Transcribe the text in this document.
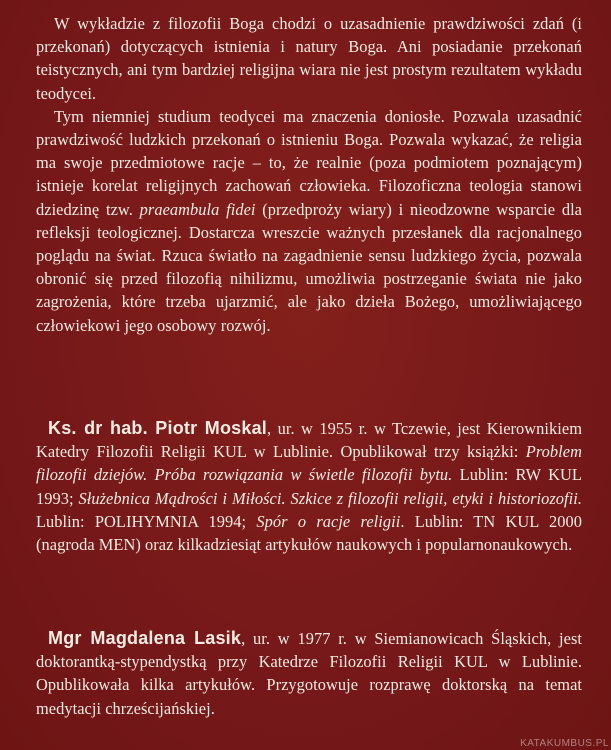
W wykładzie z filozofii Boga chodzi o uzasadnienie prawdziwości zdań (i przekonań) dotyczących istnienia i natury Boga. Ani posiadanie przekonań teistycznych, ani tym bardziej religijna wiara nie jest prostym rezultatem wykładu teodycei.

Tym niemniej studium teodycei ma znaczenia doniosłe. Pozwala uzasadnić prawdziwość ludzkich przekonań o istnieniu Boga. Pozwala wykazać, że religia ma swoje przedmiotowe racje – to, że realnie (poza podmiotem poznającym) istnieje korelat religijnych zachowań człowieka. Filozoficzna teologia stanowi dziedzinę tzw. praeambula fidei (przedproży wiary) i nieodzowne wsparcie dla refleksji teologicznej. Dostarcza wreszcie ważnych przesłanek dla racjonalnego poglądu na świat. Rzuca światło na zagadnienie sensu ludzkiego życia, pozwala obronić się przed filozofią nihilizmu, umożliwia postrzeganie świata nie jako zagrożenia, które trzeba ujarzmić, ale jako dzieła Bożego, umożliwiającego człowiekowi jego osobowy rozwój.

Ks. dr hab. Piotr Moskal, ur. w 1955 r. w Tczewie, jest Kierownikiem Katedry Filozofii Religii KUL w Lublinie. Opublikował trzy książki: Problem filozofii dziejów. Próba rozwiązania w świetle filozofii bytu. Lublin: RW KUL 1993; Służebnica Mądrości i Miłości. Szkice z filozofii religii, etyki i historiozofii. Lublin: POLIHYMNIA 1994; Spór o racje religii. Lublin: TN KUL 2000 (nagroda MEN) oraz kilkadziesiąt artykułów naukowych i popularnonaukowych.

Mgr Magdalena Lasik, ur. w 1977 r. w Siemianowicach Śląskich, jest doktorantką-stypendystką przy Katedrze Filozofii Religii KUL w Lublinie. Opublikowała kilka artykułów. Przygotowuje rozprawę doktorską na temat medytacji chrześcijańskiej.

KATAKUMBUS.PL
